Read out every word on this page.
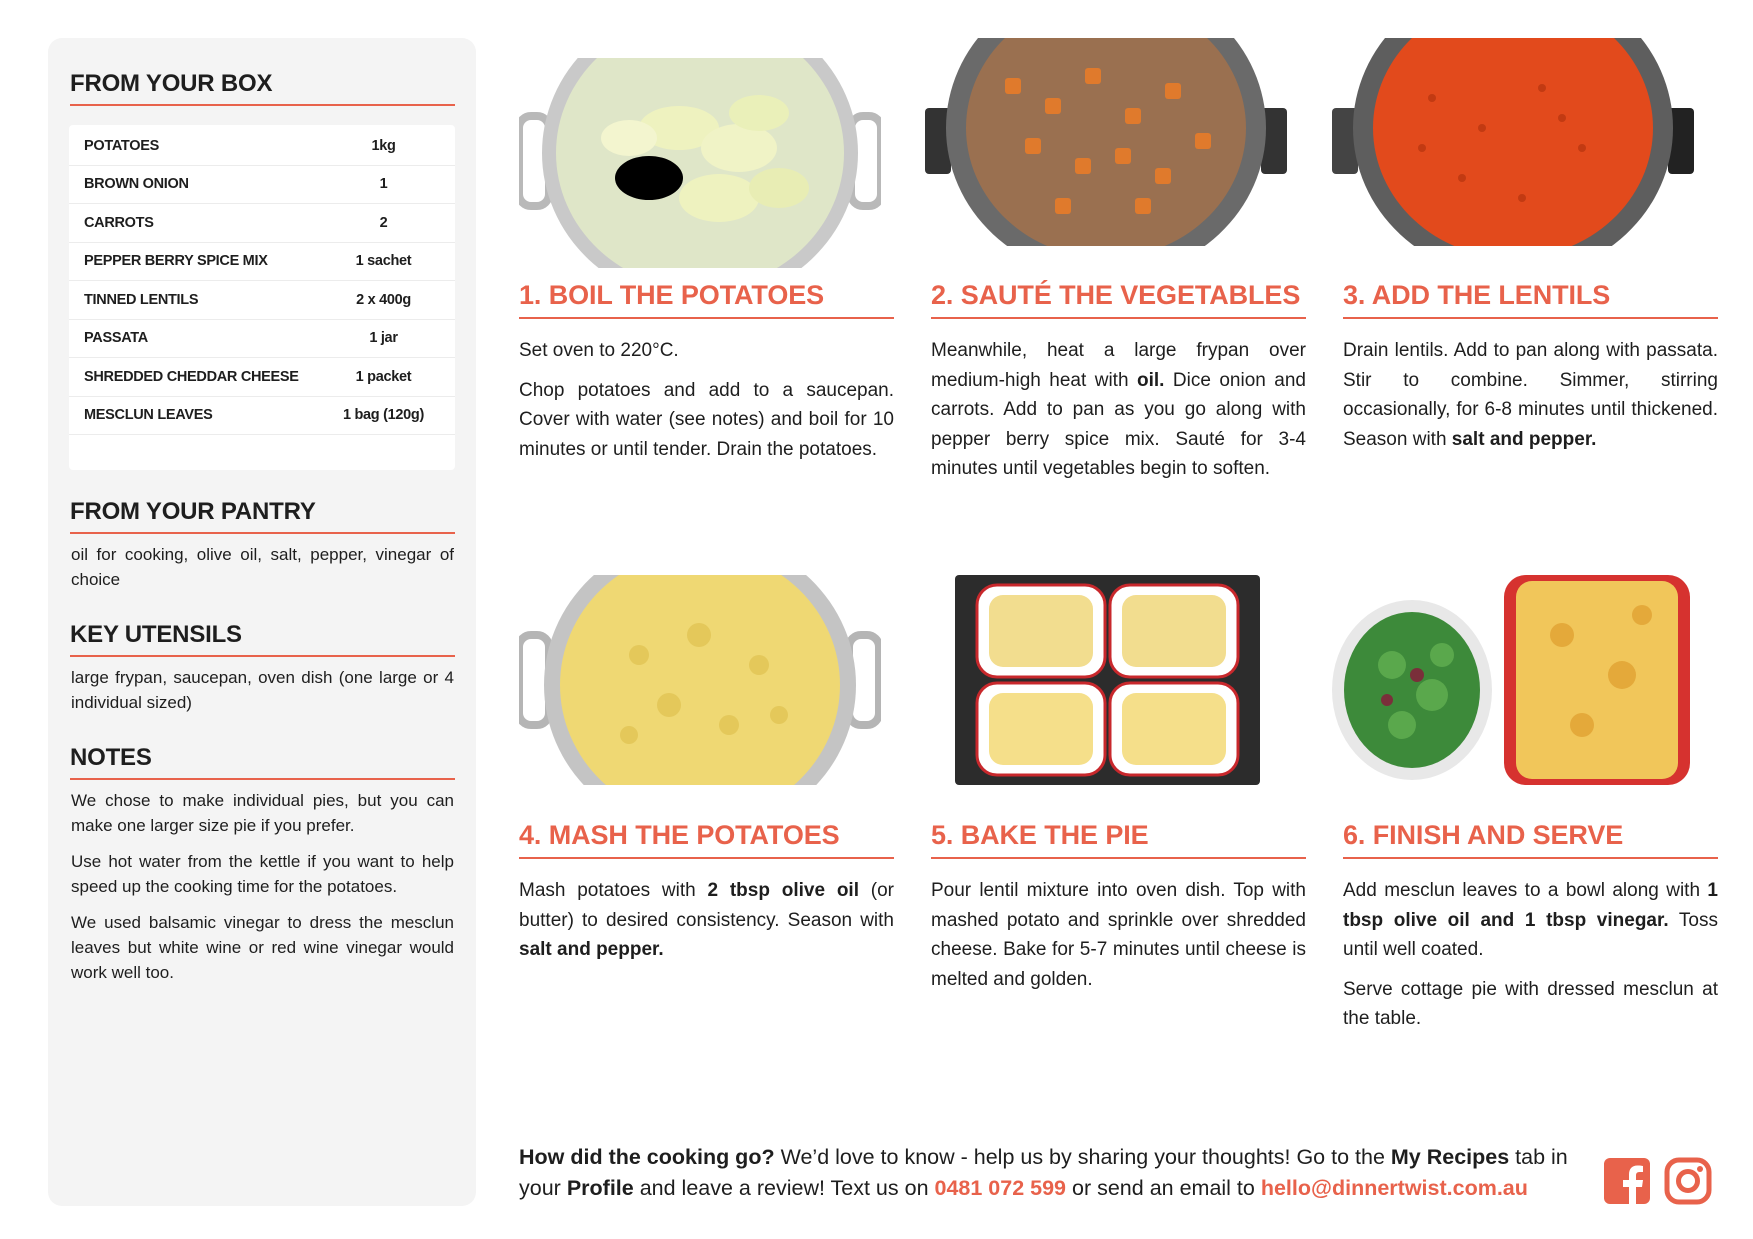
FROM YOUR BOX
POTATOES	1kg
BROWN ONION	1
CARROTS	2
PEPPER BERRY SPICE MIX	1 sachet
TINNED LENTILS	2 x 400g
PASSATA	1 jar
SHREDDED CHEDDAR CHEESE	1 packet
MESCLUN LEAVES	1 bag (120g)
FROM YOUR PANTRY
oil for cooking, olive oil, salt, pepper, vinegar of choice
KEY UTENSILS
large frypan, saucepan, oven dish (one large or 4 individual sized)
NOTES
We chose to make individual pies, but you can make one larger size pie if you prefer.
Use hot water from the kettle if you want to help speed up the cooking time for the potatoes.
We used balsamic vinegar to dress the mesclun leaves but white wine or red wine vinegar would work well too.
1. BOIL THE POTATOES

Set oven to 220°C.

Chop potatoes and add to a saucepan. Cover with water (see notes) and boil for 10 minutes or until tender. Drain the potatoes.

2. SAUTÉ THE VEGETABLES

Meanwhile, heat a large frypan over medium-high heat with oil. Dice onion and carrots. Add to pan as you go along with pepper berry spice mix. Sauté for 3-4 minutes until vegetables begin to soften.

3. ADD THE LENTILS

Drain lentils. Add to pan along with passata. Stir to combine. Simmer, stirring occasionally, for 6-8 minutes until thickened. Season with salt and pepper.

4. MASH THE POTATOES

Mash potatoes with 2 tbsp olive oil (or butter) to desired consistency. Season with salt and pepper.

5. BAKE THE PIE

Pour lentil mixture into oven dish. Top with mashed potato and sprinkle over shredded cheese. Bake for 5-7 minutes until cheese is melted and golden.

6. FINISH AND SERVE

Add mesclun leaves to a bowl along with 1 tbsp olive oil and 1 tbsp vinegar. Toss until well coated.

Serve cottage pie with dressed mesclun at the table.

How did the cooking go? We’d love to know - help us by sharing your thoughts! Go to the My Recipes tab in your Profile and leave a review! Text us on 0481 072 599 or send an email to hello@dinnertwist.com.au
